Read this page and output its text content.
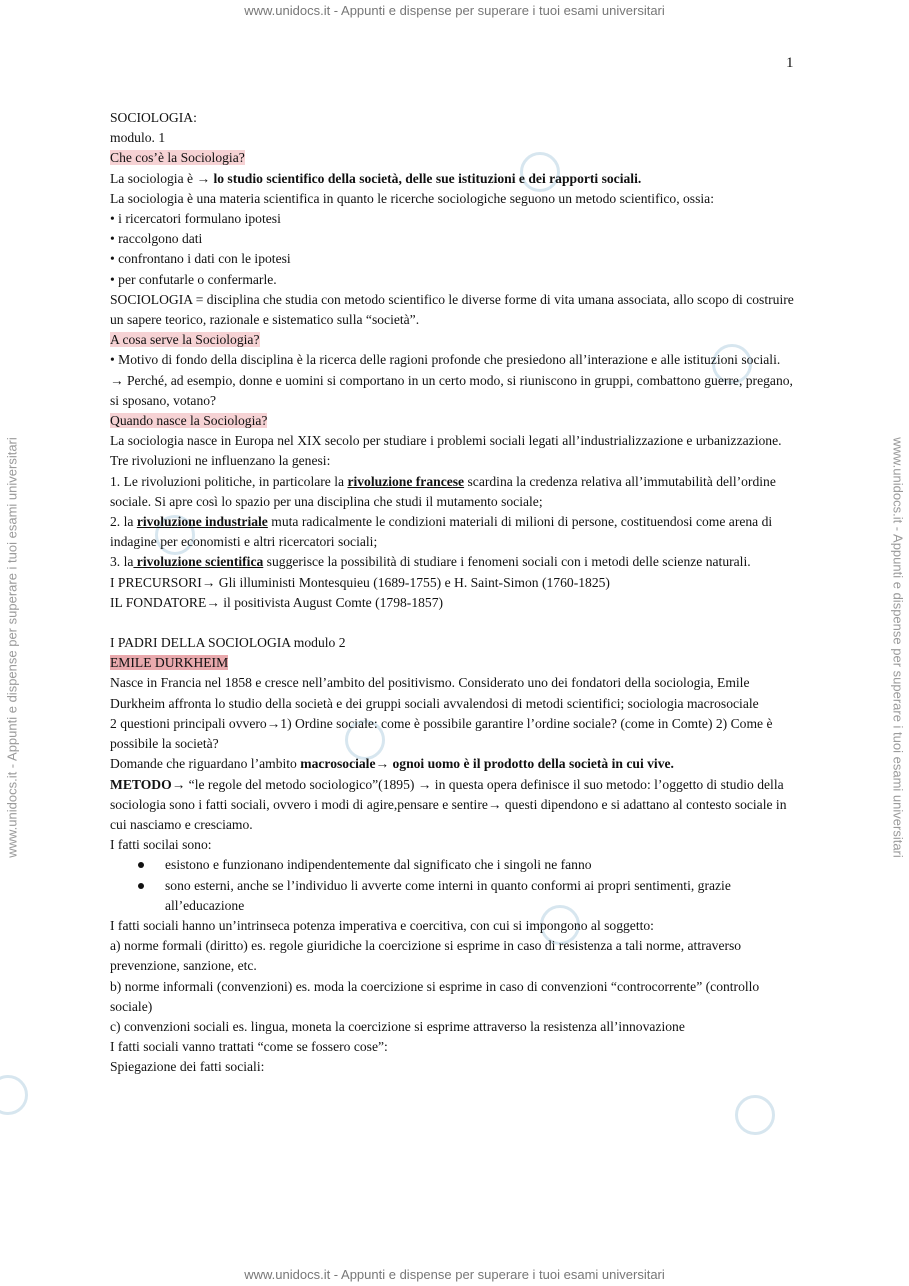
www.unidocs.it - Appunti e dispense per superare i tuoi esami universitari
www.unidocs.it - Appunti e dispense per superare i tuoi esami universitari	www.unidocs.it - Appunti e dispense per superare i tuoi esami universitari
1

SOCIOLOGIA:

modulo. 1

Che cos’è la Sociologia?

La sociologia è → lo studio scientifico della società, delle sue istituzioni e dei rapporti sociali.

La sociologia è una materia scientifica in quanto le ricerche sociologiche seguono un metodo scientifico, ossia:

• i ricercatori formulano ipotesi

• raccolgono dati

• confrontano i dati con le ipotesi

• per confutarle o confermarle.

SOCIOLOGIA = disciplina che studia con metodo scientifico le diverse forme di vita umana associata, allo scopo di costruire un sapere teorico, razionale e sistematico sulla “società”.

A cosa serve la Sociologia?

• Motivo di fondo della disciplina è la ricerca delle ragioni profonde che presiedono all’interazione e alle istituzioni sociali. → Perché, ad esempio, donne e uomini si comportano in un certo modo, si riuniscono in gruppi, combattono guerre, pregano, si sposano, votano?

Quando nasce la Sociologia?

La sociologia nasce in Europa nel XIX secolo per studiare i problemi sociali legati all’industrializzazione e urbanizzazione.

Tre rivoluzioni ne influenzano la genesi:

1. Le rivoluzioni politiche, in particolare la rivoluzione francese scardina la credenza relativa all’immutabilità dell’ordine sociale. Si apre così lo spazio per una disciplina che studi il mutamento sociale;

2. la rivoluzione industriale muta radicalmente le condizioni materiali di milioni di persone, costituendosi come arena di indagine per economisti e altri ricercatori sociali;

3. la rivoluzione scientifica suggerisce la possibilità di studiare i fenomeni sociali con i metodi delle scienze naturali.

I PRECURSORI→ Gli illuministi Montesquieu (1689-1755) e H. Saint-Simon (1760-1825)

IL FONDATORE→ il positivista August Comte (1798-1857)

I PADRI DELLA SOCIOLOGIA modulo 2

EMILE DURKHEIM

Nasce in Francia nel 1858 e cresce nell’ambito del positivismo. Considerato uno dei fondatori della sociologia, Emile Durkheim affronta lo studio della società e dei gruppi sociali avvalendosi di metodi scientifici; sociologia macrosociale

2 questioni principali ovvero→1) Ordine sociale: come è possibile garantire l’ordine sociale? (come in Comte) 2) Come è possibile la società?

Domande che riguardano l’ambito macrosociale→ ognoi uomo è il prodotto della società in cui vive.

METODO→ “le regole del metodo sociologico”(1895) → in questa opera definisce il suo metodo: l’oggetto di studio della sociologia sono i fatti sociali, ovvero i modi di agire,pensare e sentire→ questi dipendono e si adattano al contesto sociale in cui nasciamo e cresciamo.

I fatti socilai sono:

esistono e funzionano indipendentemente dal significato che i singoli ne fanno
sono esterni, anche se l’individuo li avverte come interni in quanto conformi ai propri sentimenti, grazie all’educazione

I fatti sociali hanno un’intrinseca potenza imperativa e coercitiva, con cui si impongono al soggetto:

a) norme formali (diritto) es. regole giuridiche la coercizione si esprime in caso di resistenza a tali norme, attraverso prevenzione, sanzione, etc.

b) norme informali (convenzioni) es. moda la coercizione si esprime in caso di convenzioni “controcorrente” (controllo sociale)

c) convenzioni sociali es. lingua, moneta la coercizione si esprime attraverso la resistenza all’innovazione

I fatti sociali vanno trattati “come se fossero cose”:

Spiegazione dei fatti sociali:

www.unidocs.it - Appunti e dispense per superare i tuoi esami universitari
